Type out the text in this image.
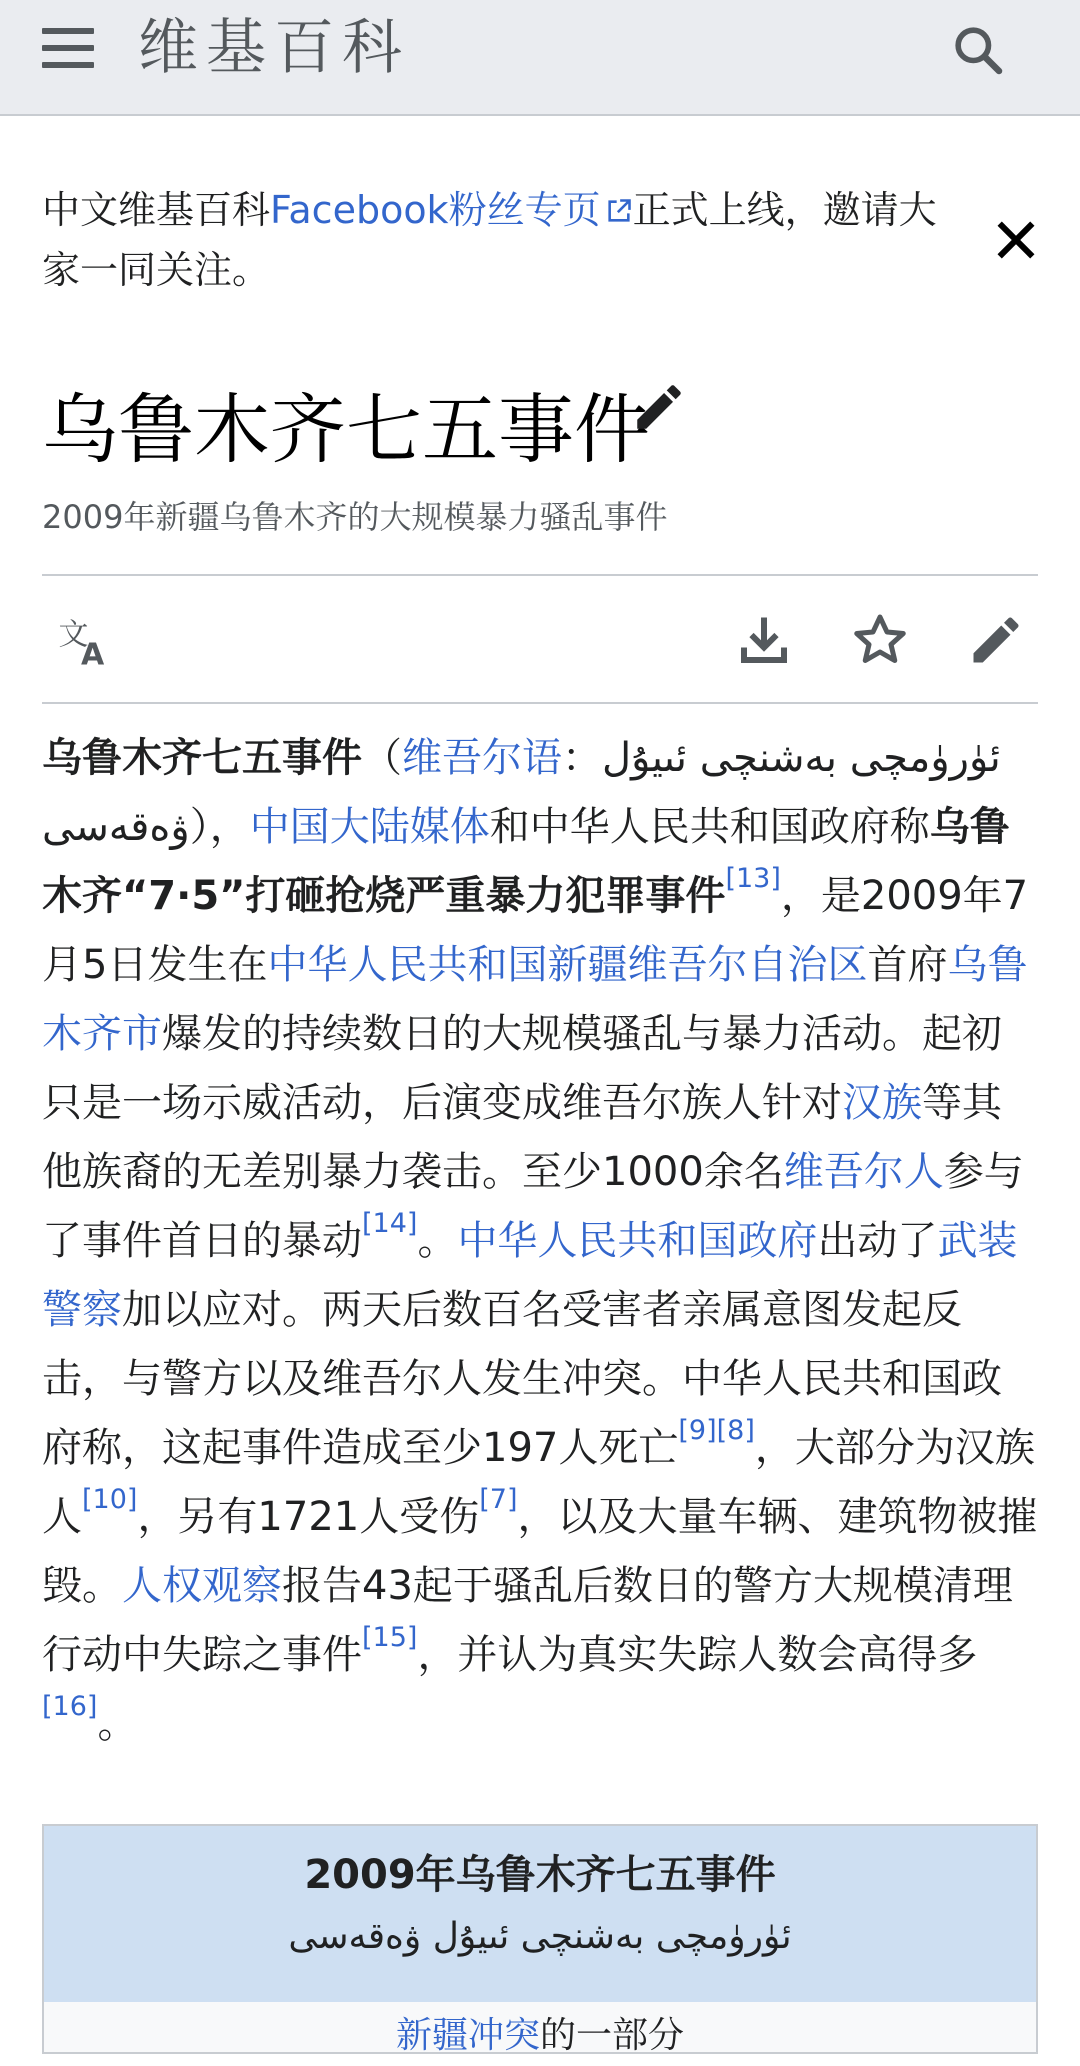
维基百科
中文维基百科Facebook粉丝专页 正式上线，邀请大家一同关注。
乌鲁木齐七五事件
2009年新疆乌鲁木齐的大规模暴力骚乱事件
文
A
乌鲁木齐七五事件（维吾尔语：ئۈرۈمچى بەشنچى ئىيۇل ۋەقەسى），中国大陆媒体和中华人民共和国政府称乌鲁木齐“7·5”打砸抢烧严重暴力犯罪事件[13]，是2009年7月5日发生在中华人民共和国新疆维吾尔自治区首府乌鲁木齐市爆发的持续数日的大规模骚乱与暴力活动。起初只是一场示威活动，后演变成维吾尔族人针对汉族等其他族裔的无差别暴力袭击。至少1000余名维吾尔人参与了事件首日的暴动[14]。中华人民共和国政府出动了武装警察加以应对。两天后数百名受害者亲属意图发起反击，与警方以及维吾尔人发生冲突。中华人民共和国政府称，这起事件造成至少197人死亡[9][8]，大部分为汉族人[10]，另有1721人受伤[7]，以及大量车辆、建筑物被摧毁。人权观察报告43起于骚乱后数日的警方大规模清理行动中失踪之事件[15]，并认为真实失踪人数会高得多[16]。
2009年乌鲁木齐七五事件
ئۈرۈمچى بەشنچى ئىيۇل ۋەقەسى
新疆冲突的一部分
